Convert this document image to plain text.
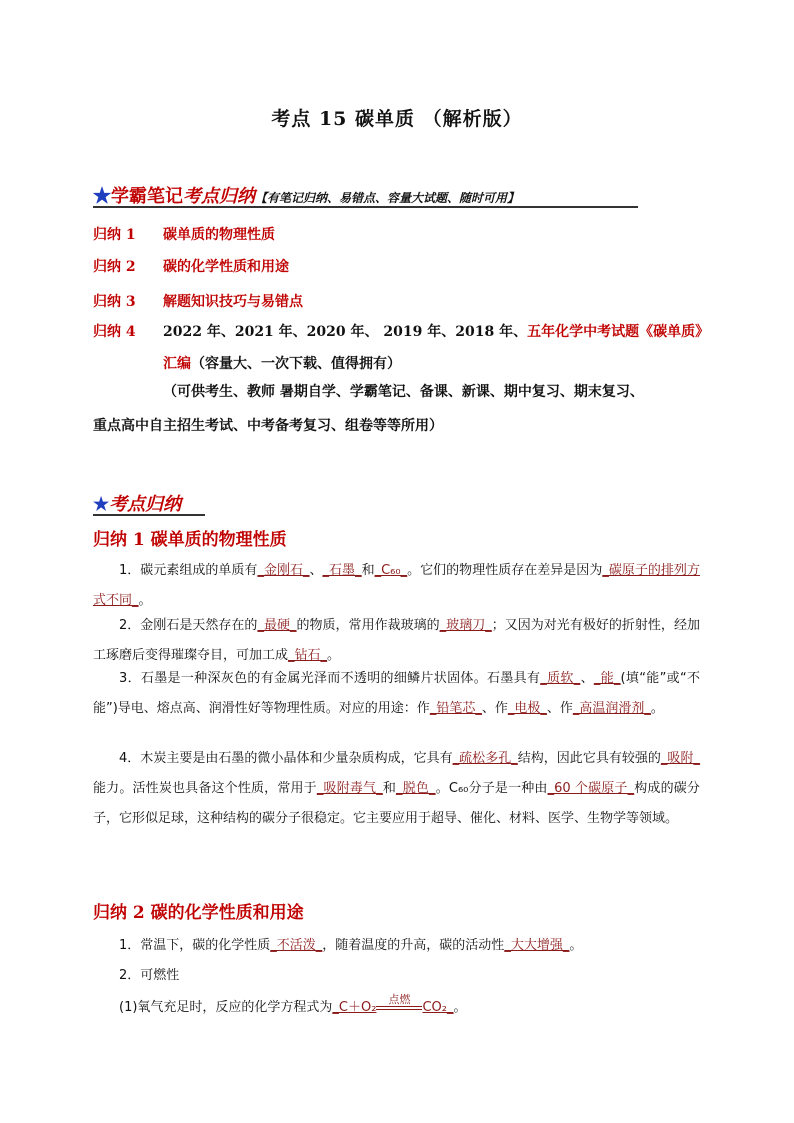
考点 15 碳单质 （解析版）
★学霸笔记考点归纳【有笔记归纳、易错点、容量大试题、随时可用】
归纳 1 碳单质的物理性质
归纳 2 碳的化学性质和用途
归纳 3 解题知识技巧与易错点
归纳 4 2022 年、2021 年、2020 年、 2019 年、2018 年、五年化学中考试题《碳单质》
汇编（容量大、一次下载、值得拥有）
（可供考生、教师 暑期自学、学霸笔记、备课、新课、期中复习、期末复习、
重点高中自主招生考试、中考备考复习、组卷等等所用）
★考点归纳
归纳 1 碳单质的物理性质
1．碳元素组成的单质有_金刚石_、_石墨_和_C₆₀_。它们的物理性质存在差异是因为_碳原子的排列方式不同_。
2．金刚石是天然存在的_最硬_的物质，常用作裁玻璃的_玻璃刀_；又因为对光有极好的折射性，经加工琢磨后变得璀璨夺目，可加工成_钻石_。
3．石墨是一种深灰色的有金属光泽而不透明的细鳞片状固体。石墨具有_质软_、_能_(填“能”或“不能”)导电、熔点高、润滑性好等物理性质。对应的用途：作_铅笔芯_、作_电极_、作_高温润滑剂_。
4．木炭主要是由石墨的微小晶体和少量杂质构成，它具有_疏松多孔_结构，因此它具有较强的_吸附_能力。活性炭也具备这个性质，常用于_吸附毒气_和_脱色_。C₆₀分子是一种由_60 个碳原子_构成的碳分子，它形似足球，这种结构的碳分子很稳定。它主要应用于超导、催化、材料、医学、生物学等领域。
归纳 2 碳的化学性质和用途
1．常温下，碳的化学性质_不活泼_，随着温度的升高，碳的活动性_大大增强_。
2．可燃性
(1)氧气充足时，反应的化学方程式为_C＋O₂
点燃
CO₂_。
